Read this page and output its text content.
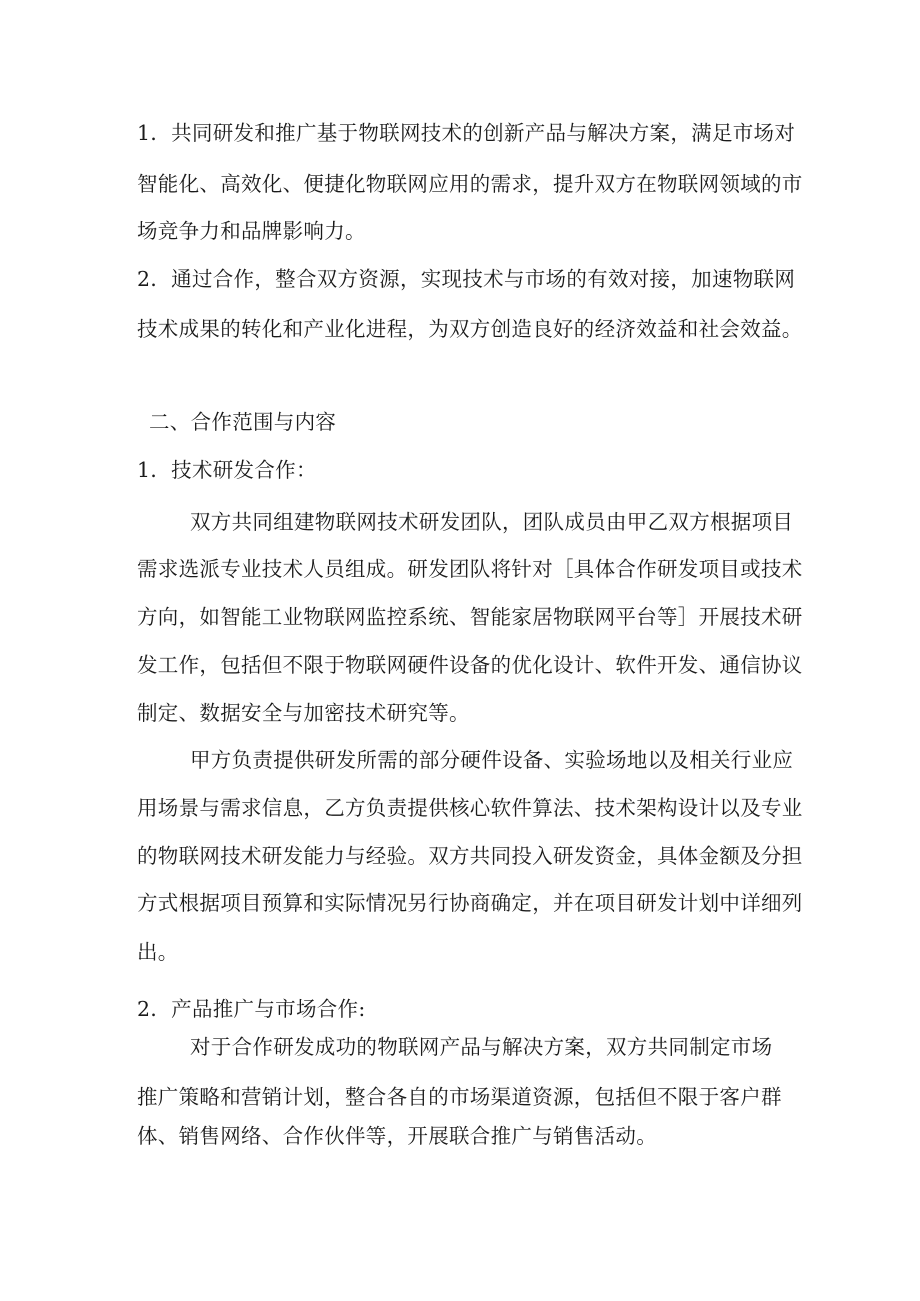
1．共同研发和推广基于物联网技术的创新产品与解决方案，满足市场对
智能化、高效化、便捷化物联网应用的需求，提升双方在物联网领域的市
场竞争力和品牌影响力。
2．通过合作，整合双方资源，实现技术与市场的有效对接，加速物联网
技术成果的转化和产业化进程，为双方创造良好的经济效益和社会效益。
二、合作范围与内容
1．技术研发合作：
双方共同组建物联网技术研发团队，团队成员由甲乙双方根据项目
需求选派专业技术人员组成。研发团队将针对［具体合作研发项目或技术
方向，如智能工业物联网监控系统、智能家居物联网平台等］开展技术研
发工作，包括但不限于物联网硬件设备的优化设计、软件开发、通信协议
制定、数据安全与加密技术研究等。
甲方负责提供研发所需的部分硬件设备、实验场地以及相关行业应
用场景与需求信息，乙方负责提供核心软件算法、技术架构设计以及专业
的物联网技术研发能力与经验。双方共同投入研发资金，具体金额及分担
方式根据项目预算和实际情况另行协商确定，并在项目研发计划中详细列
出。
2．产品推广与市场合作:
对于合作研发成功的物联网产品与解决方案，双方共同制定市场
推广策略和营销计划，整合各自的市场渠道资源，包括但不限于客户群
体、销售网络、合作伙伴等，开展联合推广与销售活动。
